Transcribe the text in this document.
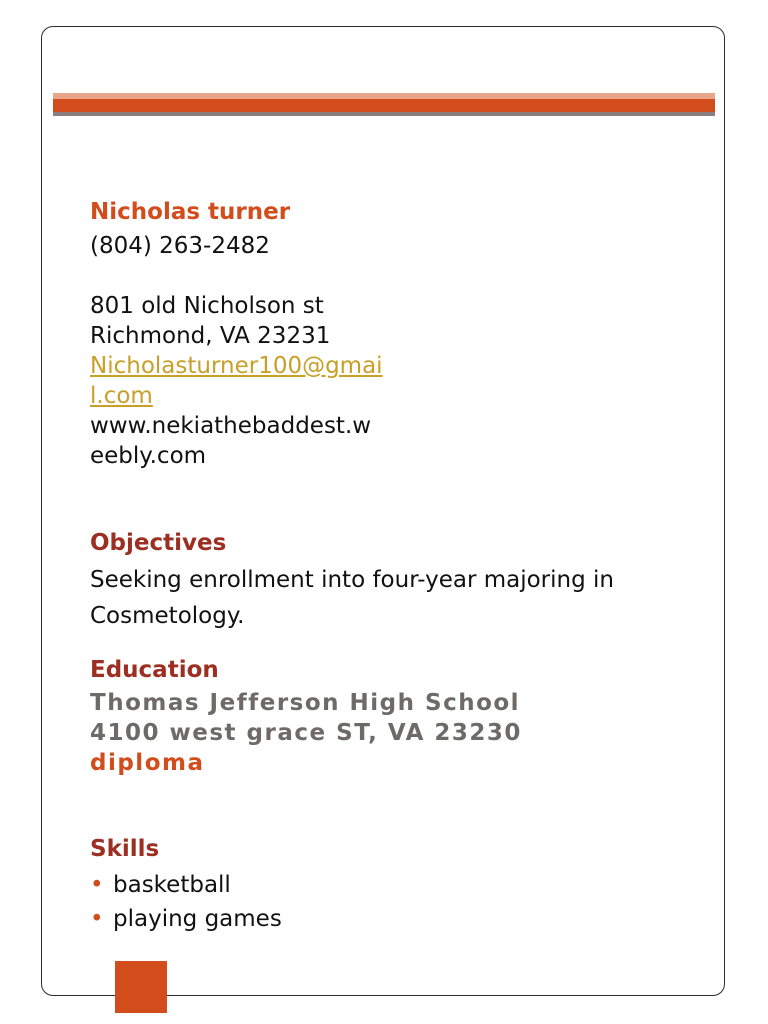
Nicholas turner
(804) 263-2482
801 old Nicholson st
Richmond, VA 23231
Nicholasturner100@gmai
l.com
www.nekiathebaddest.w
eebly.com
Objectives
Seeking enrollment into four-year majoring in Cosmetology.
Education
Thomas Jefferson High School
4100 west grace ST, VA 23230
diploma
Skills
• basketball
• playing games
